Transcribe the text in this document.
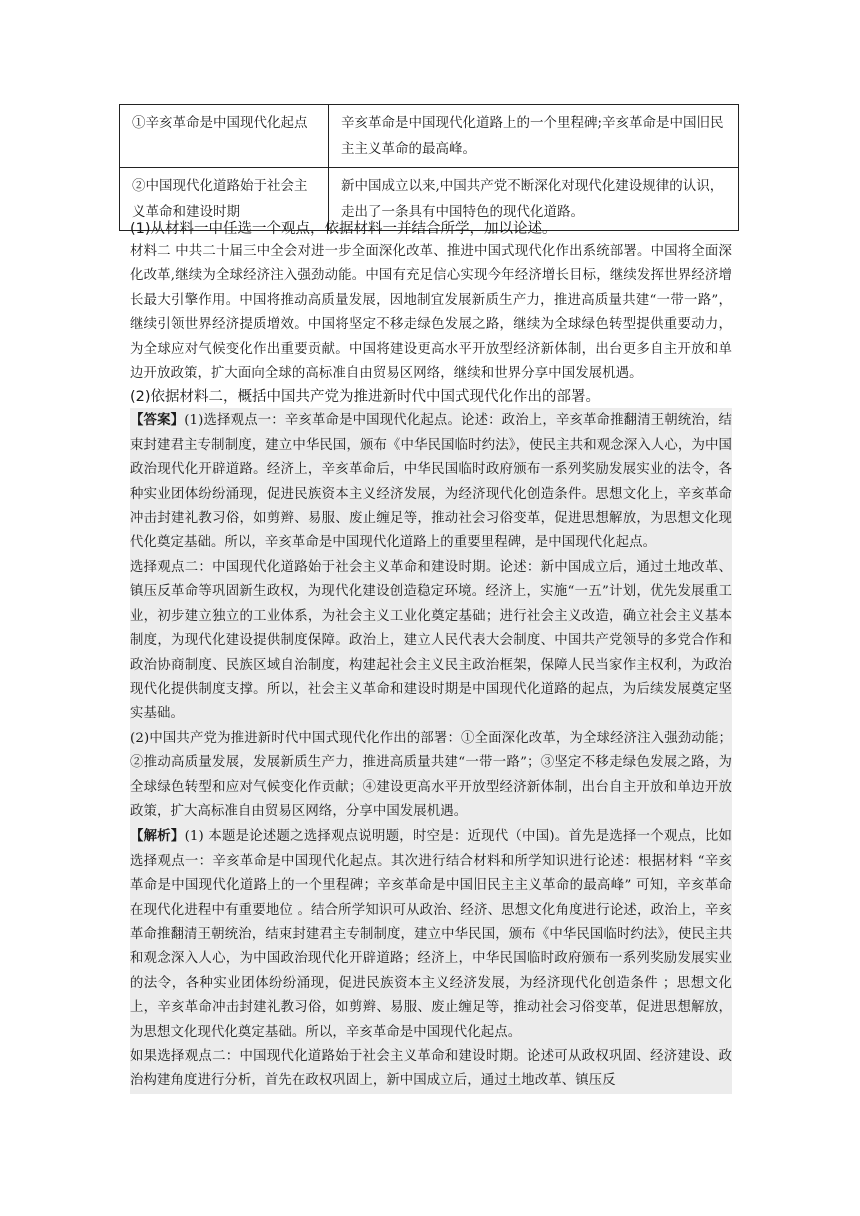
①辛亥革命是中国现代化起点	辛亥革命是中国现代化道路上的一个里程碑;辛亥革命是中国旧民主主义革命的最高峰。
②中国现代化道路始于社会主义革命和建设时期	新中国成立以来,中国共产党不断深化对现代化建设规律的认识，走出了一条具有中国特色的现代化道路。

(1)从材料一中任选一个观点，依据材料一并结合所学，加以论述。

材料二 中共二十届三中全会对进一步全面深化改革、推进中国式现代化作出系统部署。中国将全面深化改革,继续为全球经济注入强劲动能。中国有充足信心实现今年经济增长目标，继续发挥世界经济增长最大引擎作用。中国将推动高质量发展，因地制宜发展新质生产力，推进高质量共建“一带一路”，继续引领世界经济提质增效。中国将坚定不移走绿色发展之路，继续为全球绿色转型提供重要动力，为全球应对气候变化作出重要贡献。中国将建设更高水平开放型经济新体制，出台更多自主开放和单边开放政策，扩大面向全球的高标准自由贸易区网络，继续和世界分享中国发展机遇。

(2)依据材料二，概括中国共产党为推进新时代中国式现代化作出的部署。

【答案】(1)选择观点一：辛亥革命是中国现代化起点。论述：政治上，辛亥革命推翻清王朝统治，结束封建君主专制制度，建立中华民国，颁布《中华民国临时约法》，使民主共和观念深入人心，为中国政治现代化开辟道路。经济上，辛亥革命后，中华民国临时政府颁布一系列奖励发展实业的法令，各种实业团体纷纷涌现，促进民族资本主义经济发展，为经济现代化创造条件。思想文化上，辛亥革命冲击封建礼教习俗，如剪辫、易服、废止缠足等，推动社会习俗变革，促进思想解放，为思想文化现代化奠定基础。所以，辛亥革命是中国现代化道路上的重要里程碑，是中国现代化起点。

选择观点二：中国现代化道路始于社会主义革命和建设时期。论述：新中国成立后，通过土地改革、镇压反革命等巩固新生政权，为现代化建设创造稳定环境。经济上，实施“一五”计划，优先发展重工业，初步建立独立的工业体系，为社会主义工业化奠定基础；进行社会主义改造，确立社会主义基本制度，为现代化建设提供制度保障。政治上，建立人民代表大会制度、中国共产党领导的多党合作和政治协商制度、民族区域自治制度，构建起社会主义民主政治框架，保障人民当家作主权利，为政治现代化提供制度支撑。所以，社会主义革命和建设时期是中国现代化道路的起点，为后续发展奠定坚实基础。

(2)中国共产党为推进新时代中国式现代化作出的部署：①全面深化改革，为全球经济注入强劲动能；②推动高质量发展，发展新质生产力，推进高质量共建“一带一路”；③坚定不移走绿色发展之路，为全球绿色转型和应对气候变化作贡献；④建设更高水平开放型经济新体制，出台自主开放和单边开放政策，扩大高标准自由贸易区网络，分享中国发展机遇。

【解析】(1) 本题是论述题之选择观点说明题，时空是：近现代（中国)。首先是选择一个观点，比如选择观点一：辛亥革命是中国现代化起点。其次进行结合材料和所学知识进行论述：根据材料 “辛亥革命是中国现代化道路上的一个里程碑；辛亥革命是中国旧民主主义革命的最高峰” 可知，辛亥革命在现代化进程中有重要地位 。结合所学知识可从政治、经济、思想文化角度进行论述，政治上，辛亥革命推翻清王朝统治，结束封建君主专制制度，建立中华民国，颁布《中华民国临时约法》，使民主共和观念深入人心，为中国政治现代化开辟道路；经济上，中华民国临时政府颁布一系列奖励发展实业的法令，各种实业团体纷纷涌现，促进民族资本主义经济发展，为经济现代化创造条件 ；思想文化上，辛亥革命冲击封建礼教习俗，如剪辫、易服、废止缠足等，推动社会习俗变革，促进思想解放，为思想文化现代化奠定基础。所以，辛亥革命是中国现代化起点。

如果选择观点二：中国现代化道路始于社会主义革命和建设时期。论述可从政权巩固、经济建设、政治构建角度进行分析，首先在政权巩固上，新中国成立后，通过土地改革、镇压反
